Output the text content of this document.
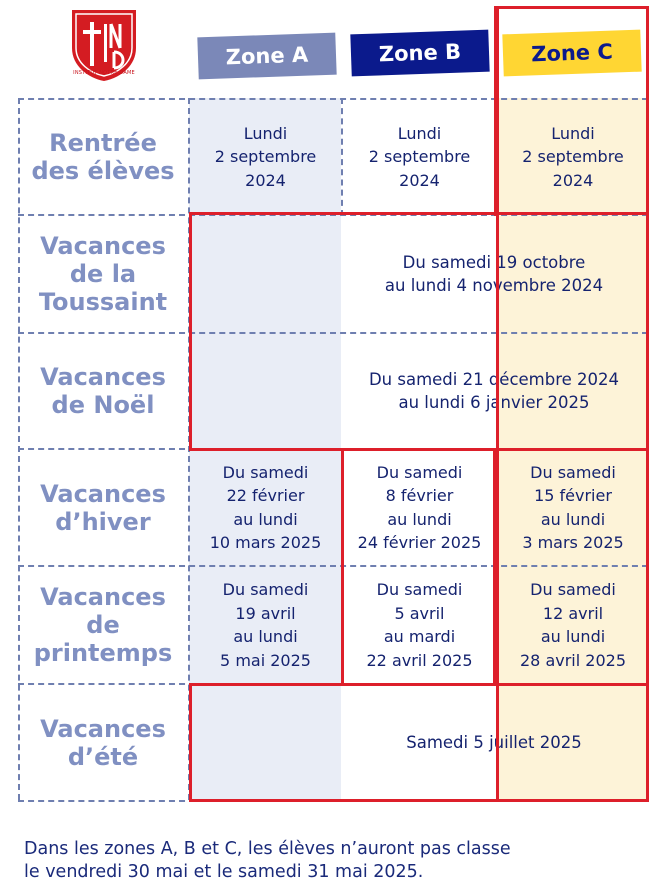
INSTITUT NOTRE DAME
Zone A	Zone B	Zone C
Rentrée
des élèves
Vacances
de la
Toussaint
Vacances
de Noël
Vacances
d’hiver
Vacances
de
printemps
Vacances
d’été
Lundi
2 septembre
2024
Lundi
2 septembre
2024
Lundi
2 septembre
2024
Du samedi 19 octobre
au lundi 4 novembre 2024
Du samedi 21 décembre 2024
au lundi 6 janvier 2025
Du samedi
22 février
au lundi
10 mars 2025
Du samedi
8 février
au lundi
24 février 2025
Du samedi
15 février
au lundi
3 mars 2025
Du samedi
19 avril
au lundi
5 mai 2025
Du samedi
5 avril
au mardi
22 avril 2025
Du samedi
12 avril
au lundi
28 avril 2025
Samedi 5 juillet 2025
Dans les zones A, B et C, les élèves n’auront pas classe
le vendredi 30 mai et le samedi 31 mai 2025.
